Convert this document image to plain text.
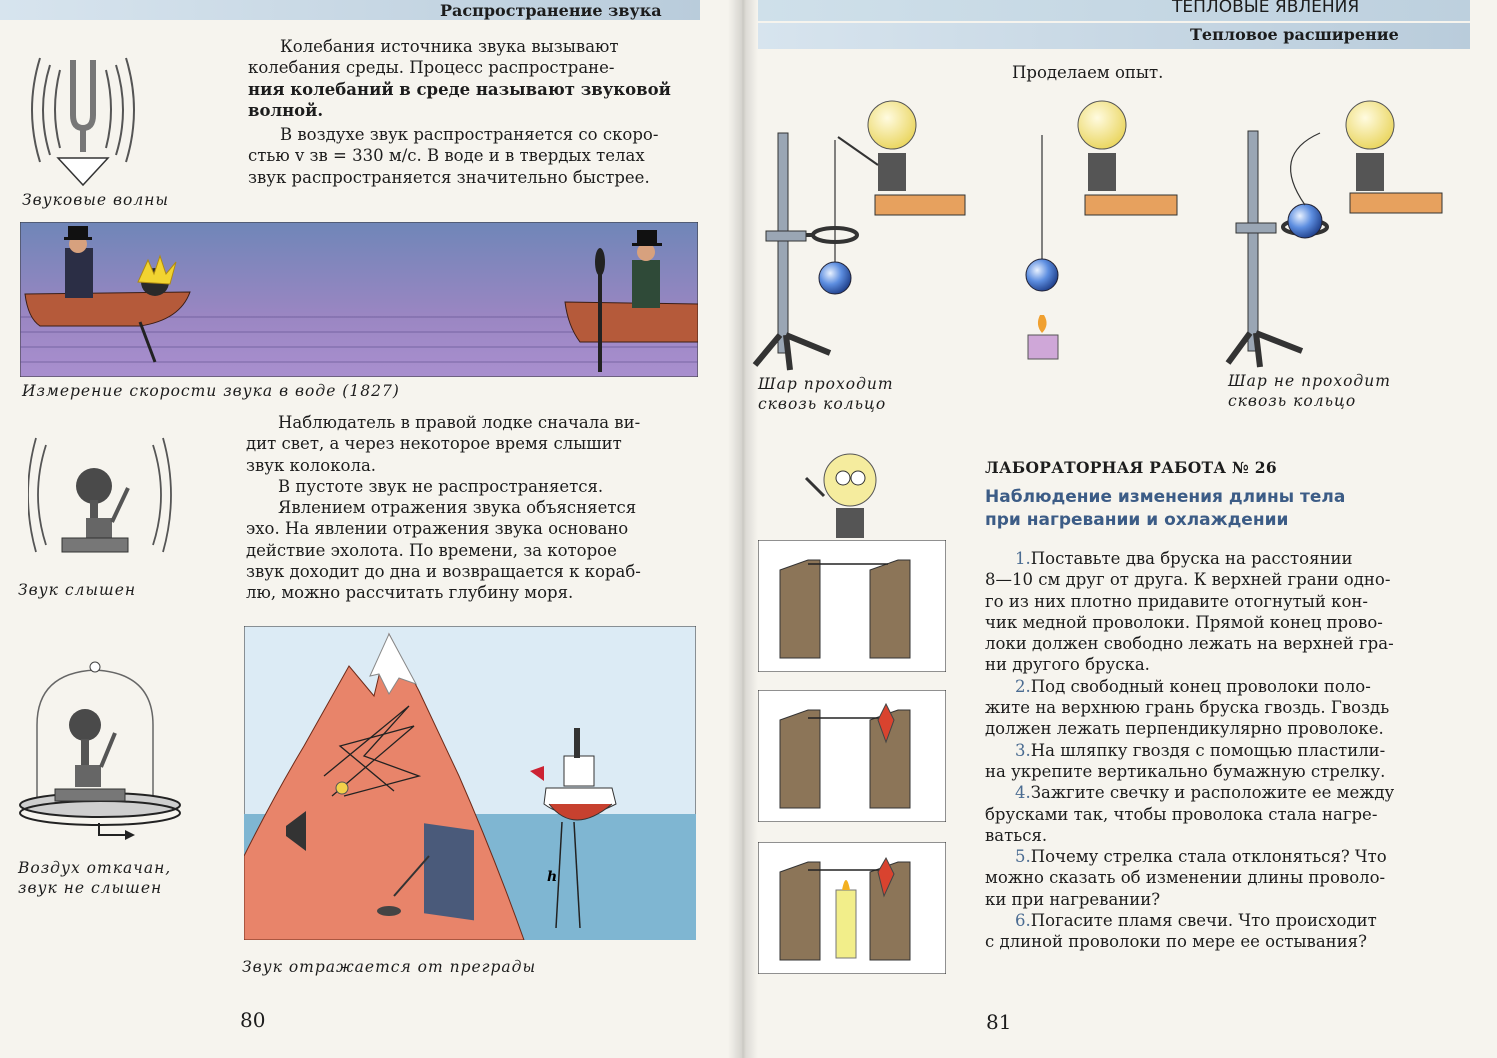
Распространение звука
Звуковые волны
Колебания источника звука вызывают
колебания среды. Процесс распростране-
ния колебаний в среде называют звуковой
волной.
В воздухе звук распространяется со скоро-
стью v зв = 330 м/с. В воде и в твердых телах
звук распространяется значительно быстрее.
Измерение скорости звука в воде (1827)
Звук слышен
Воздух откачан,
звук не слышен
Наблюдатель в правой лодке сначала ви-
дит свет, а через некоторое время слышит
звук колокола.
В пустоте звук не распространяется.
Явлением отражения звука объясняется
эхо. На явлении отражения звука основано
действие эхолота. По времени, за которое
звук доходит до дна и возвращается к кораб-
лю, можно рассчитать глубину моря.
h
Звук отражается от преграды
80
ТЕПЛОВЫЕ ЯВЛЕНИЯ
Тепловое расширение
Проделаем опыт.
Шар проходит
сквозь кольцо
Шар не проходит
сквозь кольцо
ЛАБОРАТОРНАЯ РАБОТА № 26
Наблюдение изменения длины тела
при нагревании и охлаждении
1.Поставьте два бруска на расстоянии
8—10 см друг от друга. К верхней грани одно-
го из них плотно придавите отогнутый кон-
чик медной проволоки. Прямой конец прово-
локи должен свободно лежать на верхней гра-
ни другого бруска.
2.Под свободный конец проволоки поло-
жите на верхнюю грань бруска гвоздь. Гвоздь
должен лежать перпендикулярно проволоке.
3.На шляпку гвоздя с помощью пластили-
на укрепите вертикально бумажную стрелку.
4.Зажгите свечку и расположите ее между
брусками так, чтобы проволока стала нагре-
ваться.
5.Почему стрелка стала отклоняться? Что
можно сказать об изменении длины проволо-
ки при нагревании?
6.Погасите пламя свечи. Что происходит
с длиной проволоки по мере ее остывания?
81
